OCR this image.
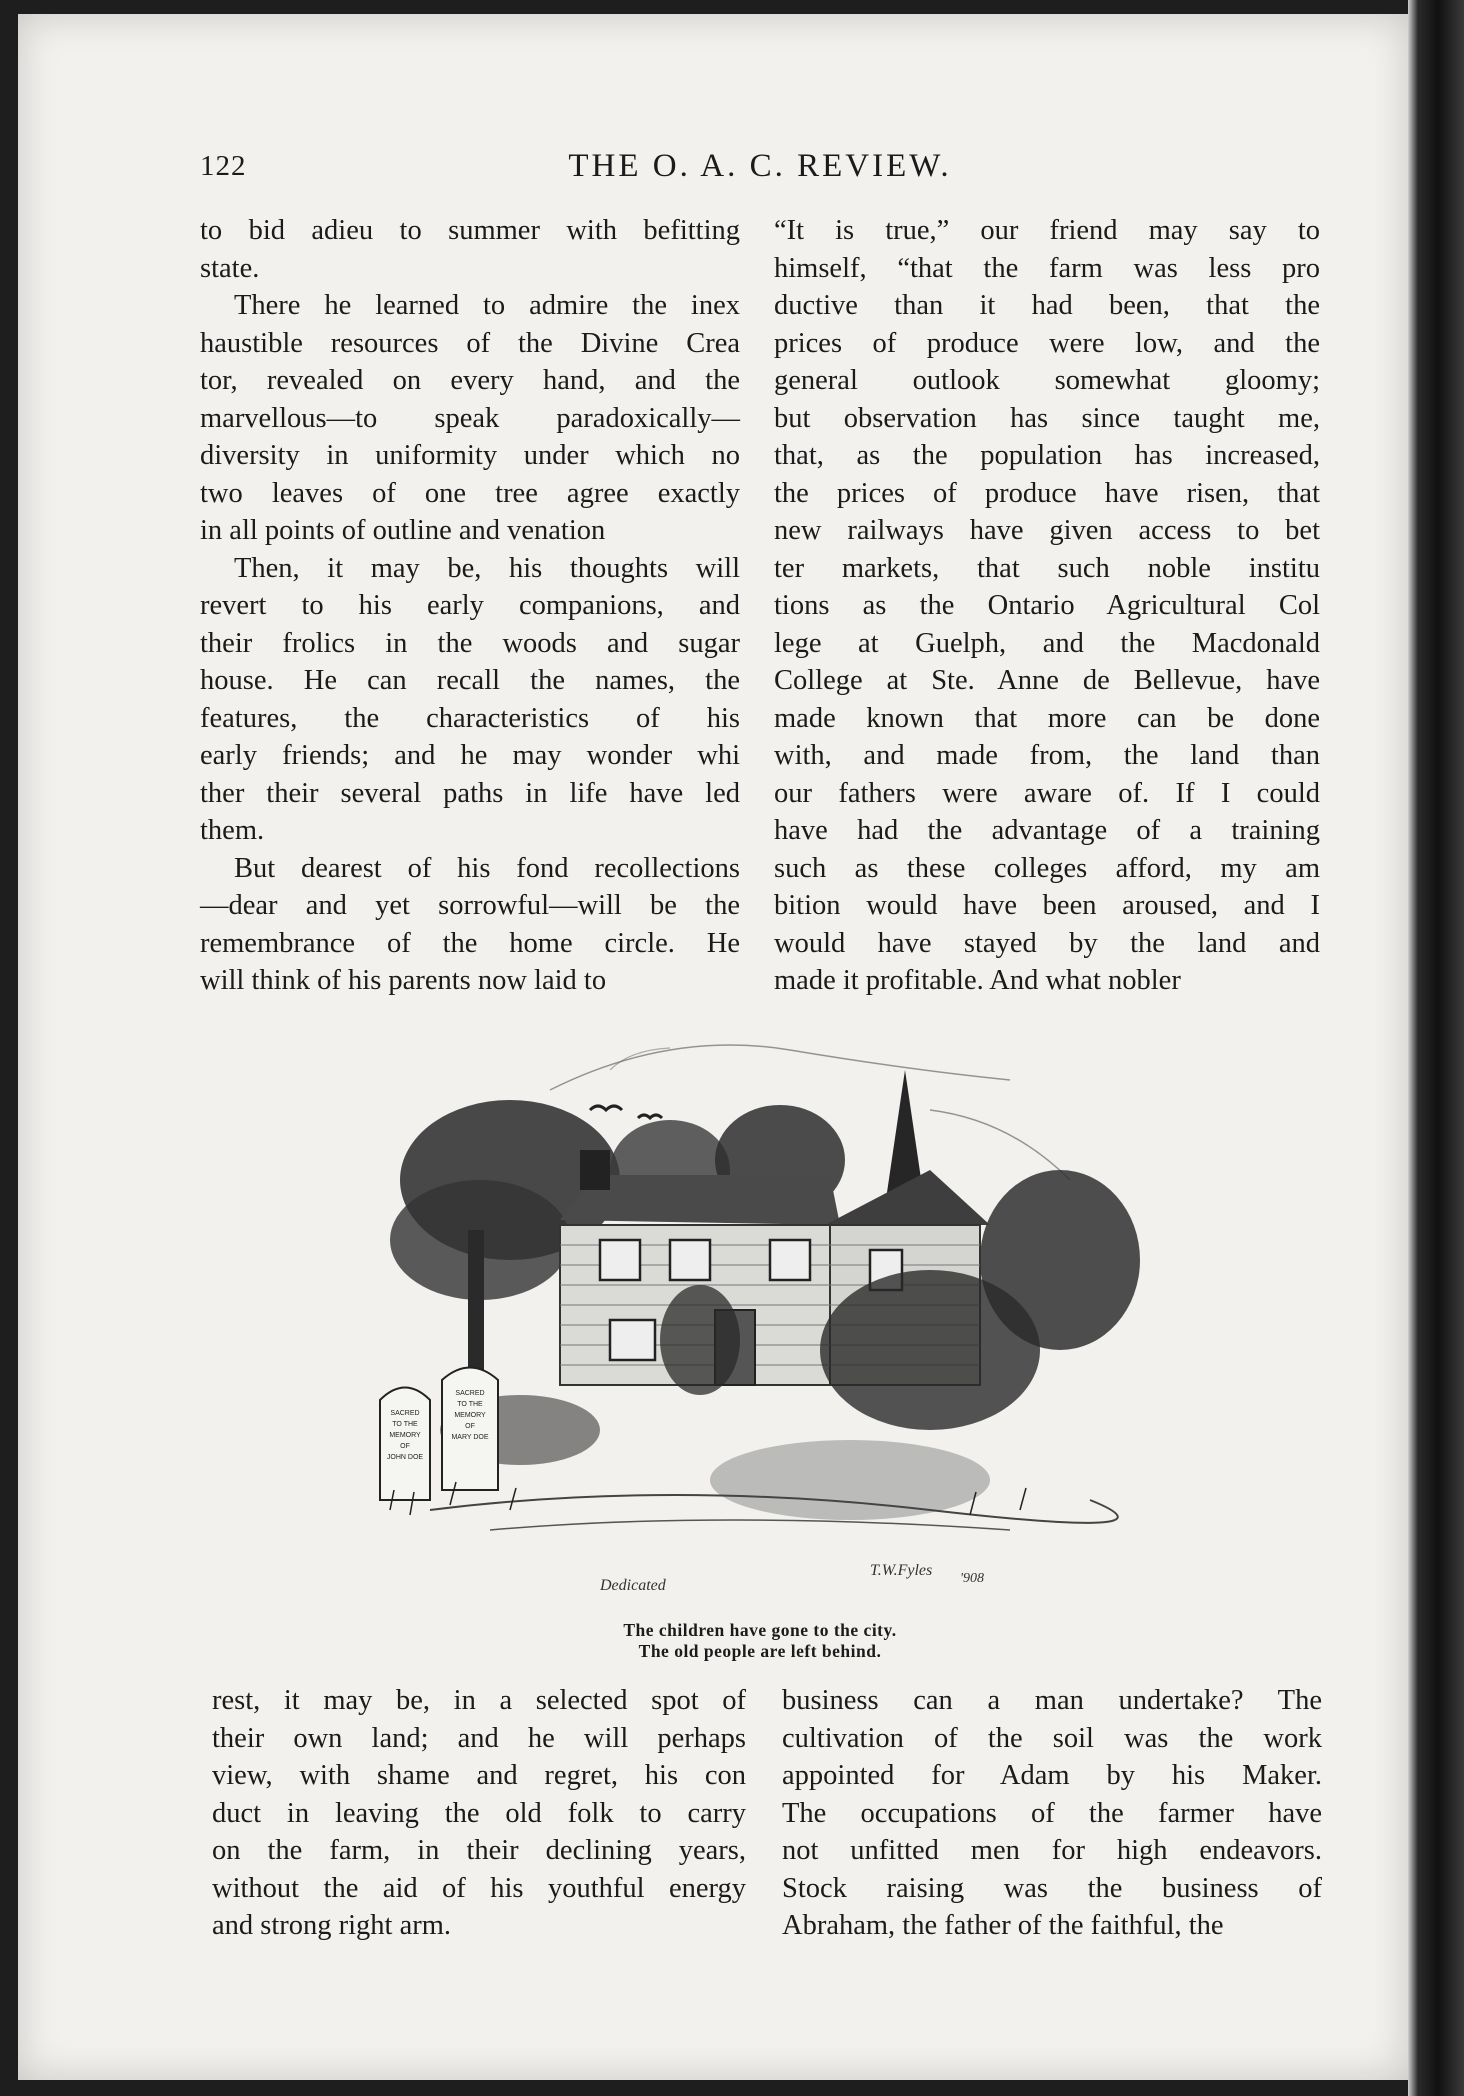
122	THE O. A. C. REVIEW.

to bid adieu to summer with befitting
state.

There he learned to admire the inex
haustible resources of the Divine Crea
tor, revealed on every hand, and the
marvellous—to speak paradoxically—
diversity in uniformity under which no
two leaves of one tree agree exactly
in all points of outline and venation

Then, it may be, his thoughts will
revert to his early companions, and
their frolics in the woods and sugar
house. He can recall the names, the
features, the characteristics of his
early friends; and he may wonder whi
ther their several paths in life have led
them.

But dearest of his fond recollections
—dear and yet sorrowful—will be the
remembrance of the home circle. He
will think of his parents now laid to

“It is true,” our friend may say to
himself, “that the farm was less pro
ductive than it had been, that the
prices of produce were low, and the
general outlook somewhat gloomy;
but observation has since taught me,
that, as the population has increased,
the prices of produce have risen, that
new railways have given access to bet
ter markets, that such noble institu
tions as the Ontario Agricultural Col
lege at Guelph, and the Macdonald
College at Ste. Anne de Bellevue, have
made known that more can be done
with, and made from, the land than
our fathers were aware of. If I could
have had the advantage of a training
such as these colleges afford, my am
bition would have been aroused, and I
would have stayed by the land and
made it profitable. And what nobler

SACRED
TO THE
MEMORY
OF
JOHN DOE
SACRED
TO THE
MEMORY
OF
MARY DOE
Dedicated
T.W.Fyles '908
The children have gone to the city.
The old people are left behind.

rest, it may be, in a selected spot of
their own land; and he will perhaps
view, with shame and regret, his con
duct in leaving the old folk to carry
on the farm, in their declining years,
without the aid of his youthful energy
and strong right arm.

business can a man undertake? The
cultivation of the soil was the work
appointed for Adam by his Maker.
The occupations of the farmer have
not unfitted men for high endeavors.
Stock raising was the business of
Abraham, the father of the faithful, the
